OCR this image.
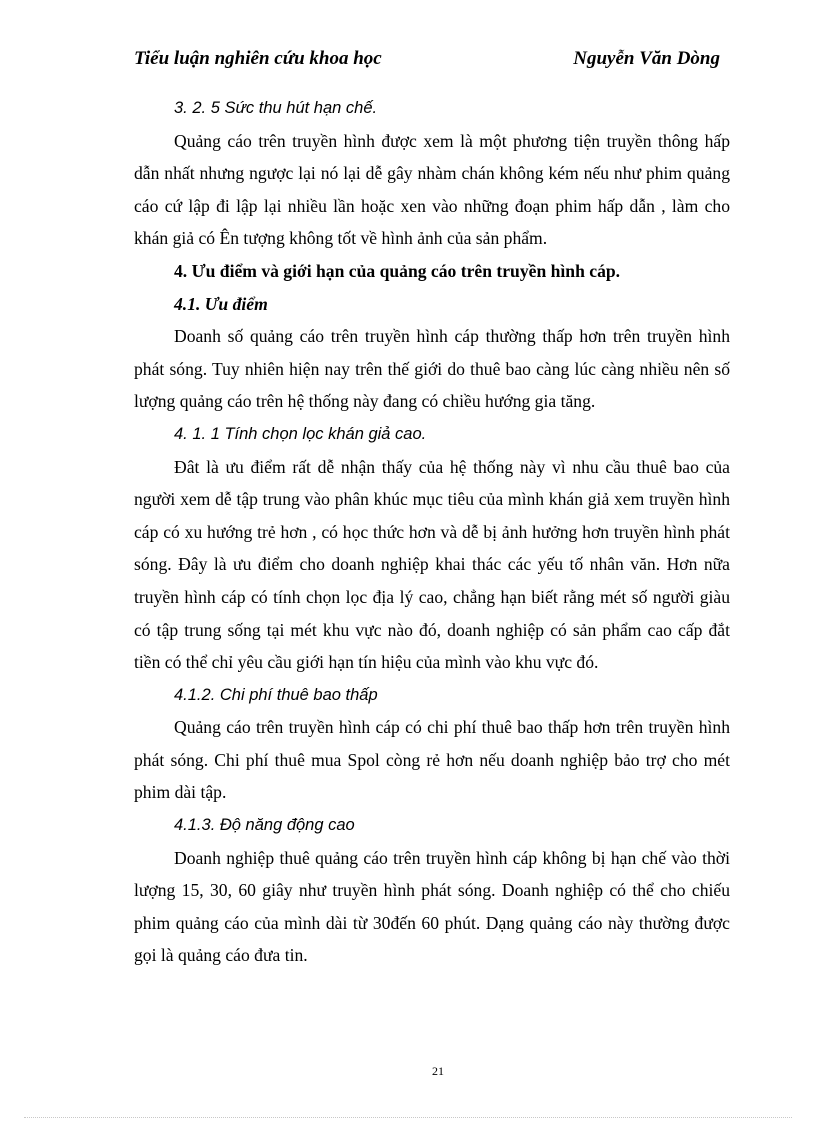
Tiểu luận nghiên cứu khoa học	Nguyễn Văn Dòng
3. 2. 5 Sức thu hút hạn chế.

Quảng cáo trên truyền hình được xem là một phương tiện truyền thông hấp dẫn nhất nhưng ngược lại nó lại dễ gây nhàm chán không kém nếu như phim quảng cáo cứ lập đi lập lại nhiều lần hoặc xen vào những đoạn phim hấp dẫn , làm cho khán giả có Ên tượng không tốt về hình ảnh của sản phẩm.

4. Ưu điểm và giới hạn của quảng cáo trên truyền hình cáp.
4.1. Ưu điểm

Doanh số quảng cáo trên truyền hình cáp thường thấp hơn trên truyền hình phát sóng. Tuy nhiên hiện nay trên thế giới do thuê bao càng lúc càng nhiều nên số lượng quảng cáo trên hệ thống này đang có chiều hướng gia tăng.

4. 1. 1 Tính chọn lọc khán giả cao.

Đât là ưu điểm rất dễ nhận thấy của hệ thống này vì nhu cầu thuê bao của người xem dễ tập trung vào phân khúc mục tiêu của mình khán giả xem truyền hình cáp có xu hướng trẻ hơn , có học thức hơn và dễ bị ảnh hưởng hơn truyền hình phát sóng. Đây là ưu điểm cho doanh nghiệp khai thác các yếu tố nhân văn. Hơn nữa truyền hình cáp có tính chọn lọc địa lý cao, chẳng hạn biết rằng mét số người giàu có tập trung sống tại mét khu vực nào đó, doanh nghiệp có sản phẩm cao cấp đắt tiền có thể chỉ yêu cầu giới hạn tín hiệu của mình vào khu vực đó.

4.1.2. Chi phí thuê bao thấp

Quảng cáo trên truyền hình cáp có chi phí thuê bao thấp hơn trên truyền hình phát sóng. Chi phí thuê mua Spol còng rẻ hơn nếu doanh nghiệp bảo trợ cho mét phim dài tập.

4.1.3. Độ năng động cao

Doanh nghiệp thuê quảng cáo trên truyền hình cáp không bị hạn chế vào thời lượng 15, 30, 60 giây như truyền hình phát sóng. Doanh nghiệp có thể cho chiếu phim quảng cáo của mình dài từ 30đến 60 phút. Dạng quảng cáo này thường được gọi là quảng cáo đưa tin.

21
